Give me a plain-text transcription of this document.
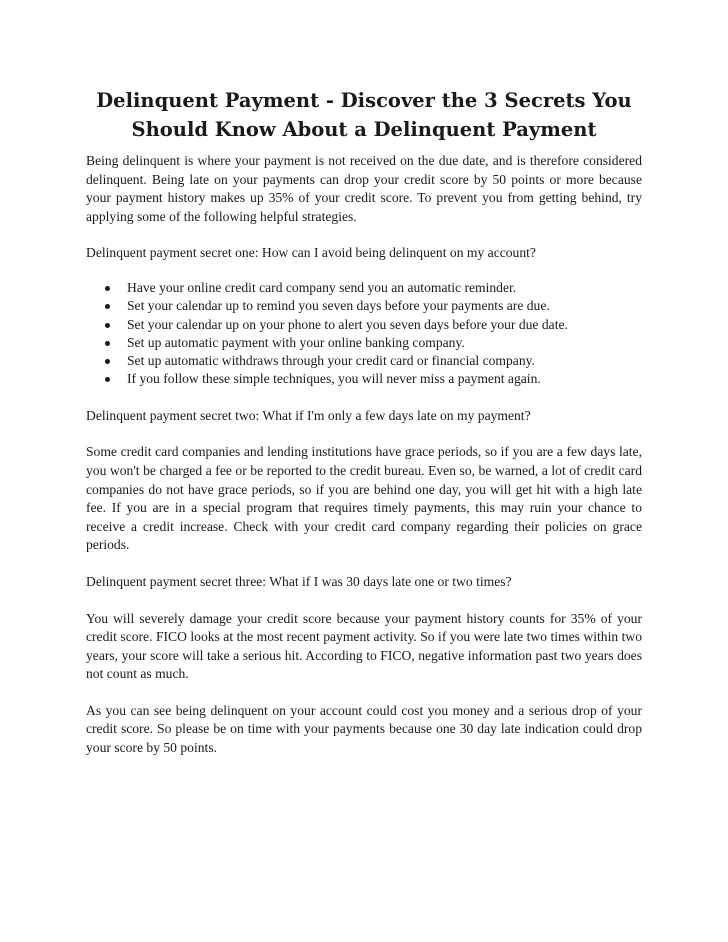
Delinquent Payment - Discover the 3 Secrets You
Should Know About a Delinquent Payment

Being delinquent is where your payment is not received on the due date, and is therefore considered delinquent. Being late on your payments can drop your credit score by 50 points or more because your payment history makes up 35% of your credit score. To prevent you from getting behind, try applying some of the following helpful strategies.

Delinquent payment secret one: How can I avoid being delinquent on my account?

Have your online credit card company send you an automatic reminder.
Set your calendar up to remind you seven days before your payments are due.
Set your calendar up on your phone to alert you seven days before your due date.
Set up automatic payment with your online banking company.
Set up automatic withdraws through your credit card or financial company.
If you follow these simple techniques, you will never miss a payment again.

Delinquent payment secret two: What if I'm only a few days late on my payment?

Some credit card companies and lending institutions have grace periods, so if you are a few days late, you won't be charged a fee or be reported to the credit bureau. Even so, be warned, a lot of credit card companies do not have grace periods, so if you are behind one day, you will get hit with a high late fee. If you are in a special program that requires timely payments, this may ruin your chance to receive a credit increase. Check with your credit card company regarding their policies on grace periods.

Delinquent payment secret three: What if I was 30 days late one or two times?

You will severely damage your credit score because your payment history counts for 35% of your credit score. FICO looks at the most recent payment activity. So if you were late two times within two years, your score will take a serious hit. According to FICO, negative information past two years does not count as much.

As you can see being delinquent on your account could cost you money and a serious drop of your credit score. So please be on time with your payments because one 30 day late indication could drop your score by 50 points.
